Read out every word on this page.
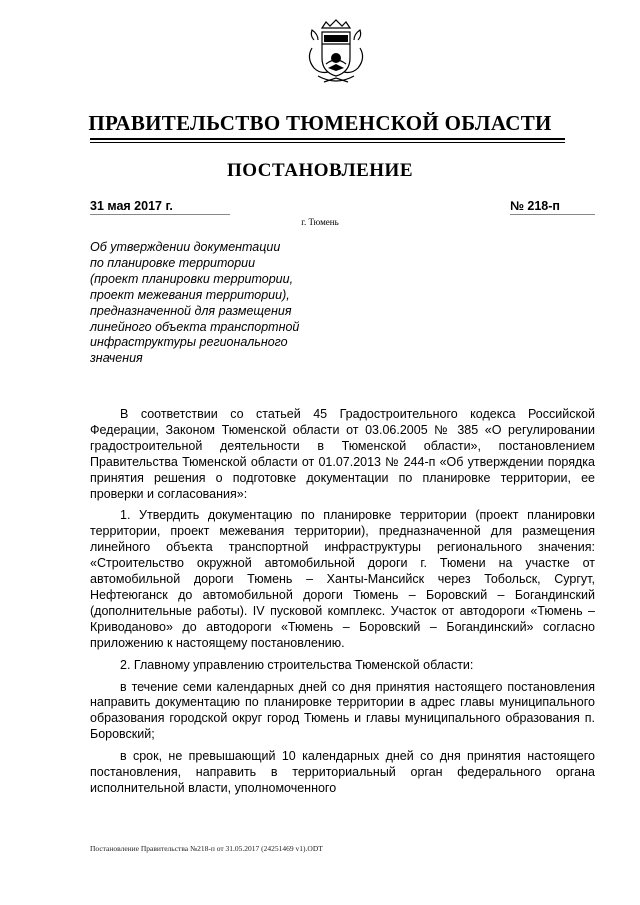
ПРАВИТЕЛЬСТВО ТЮМЕНСКОЙ ОБЛАСТИ
ПОСТАНОВЛЕНИЕ
31 мая 2017 г.	№ 218-п
г. Тюмень
Об утверждении документации
по планировке территории
(проект планировки территории,
проект межевания территории),
предназначенной для размещения
линейного объекта транспортной
инфраструктуры регионального
значения

В соответствии со статьей 45 Градостроительного кодекса Российской Федерации, Законом Тюменской области от 03.06.2005 № 385 «О регулировании градостроительной деятельности в Тюменской области», постановлением Правительства Тюменской области от 01.07.2013 № 244-п «Об утверждении порядка принятия решения о подготовке документации по планировке территории, ее проверки и согласования»:

1. Утвердить документацию по планировке территории (проект планировки территории, проект межевания территории), предназначенной для размещения линейного объекта транспортной инфраструктуры регионального значения: «Строительство окружной автомобильной дороги г. Тюмени на участке от автомобильной дороги Тюмень – Ханты-Мансийск через Тобольск, Сургут, Нефтеюганск до автомобильной дороги Тюмень – Боровский – Богандинский (дополнительные работы). IV пусковой комплекс. Участок от автодороги «Тюмень – Криводаново» до автодороги «Тюмень – Боровский – Богандинский» согласно приложению к настоящему постановлению.

2. Главному управлению строительства Тюменской области:

в течение семи календарных дней со дня принятия настоящего постановления направить документацию по планировке территории в адрес главы муниципального образования городской округ город Тюмень и главы муниципального образования п. Боровский;

в срок, не превышающий 10 календарных дней со дня принятия настоящего постановления, направить в территориальный орган федерального органа исполнительной власти, уполномоченного

Постановление Правительства №218-п от 31.05.2017 (24251469 v1).ODT
